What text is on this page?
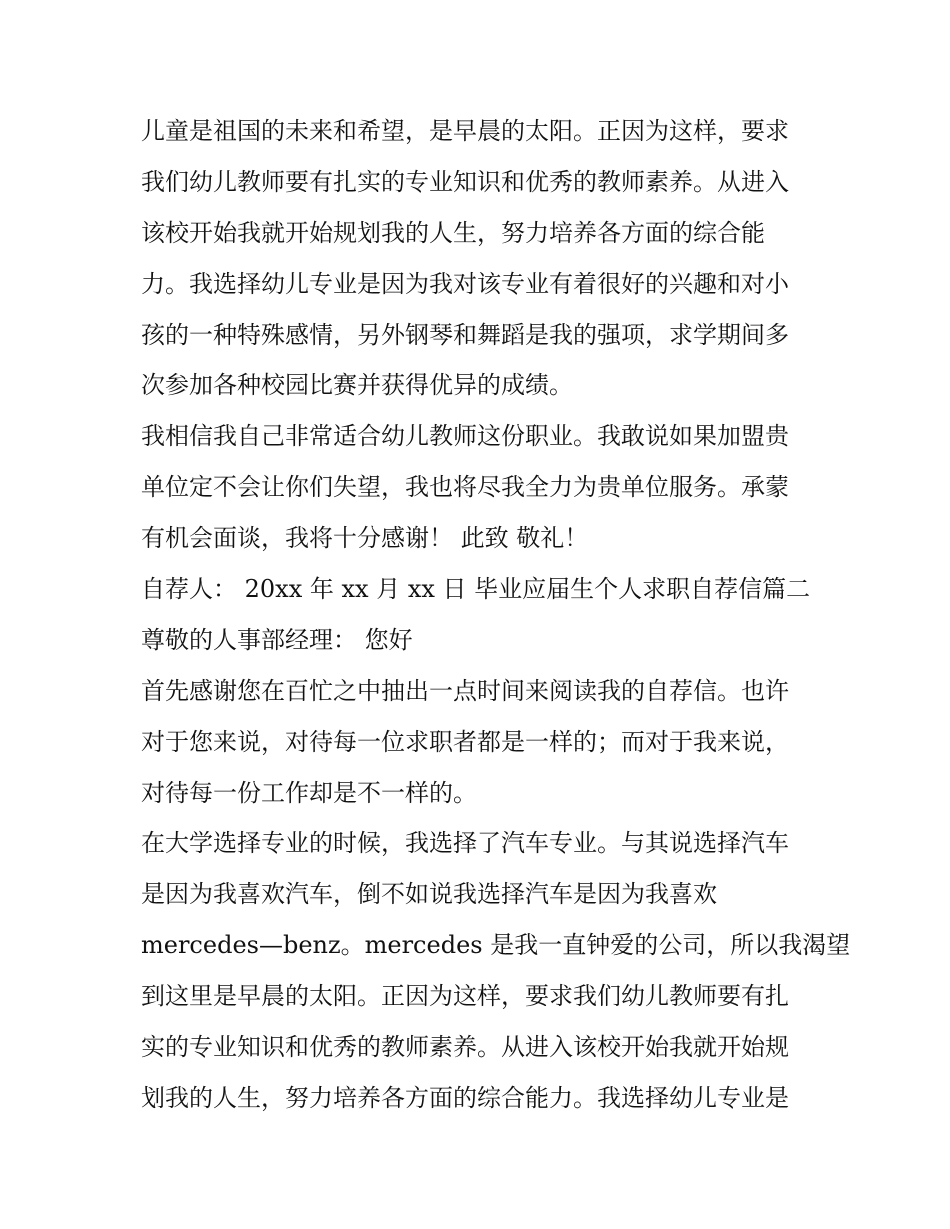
儿童是祖国的未来和希望，是早晨的太阳。正因为这样，要求
我们幼儿教师要有扎实的专业知识和优秀的教师素养。从进入
该校开始我就开始规划我的人生，努力培养各方面的综合能
力。我选择幼儿专业是因为我对该专业有着很好的兴趣和对小
孩的一种特殊感情，另外钢琴和舞蹈是我的强项，求学期间多
次参加各种校园比赛并获得优异的成绩。
我相信我自己非常适合幼儿教师这份职业。我敢说如果加盟贵
单位定不会让你们失望，我也将尽我全力为贵单位服务。承蒙
有机会面谈，我将十分感谢！ 此致 敬礼！
自荐人： 20xx 年 xx 月 xx 日 毕业应届生个人求职自荐信篇二
尊敬的人事部经理： 您好
首先感谢您在百忙之中抽出一点时间来阅读我的自荐信。也许
对于您来说，对待每一位求职者都是一样的；而对于我来说，
对待每一份工作却是不一样的。
在大学选择专业的时候，我选择了汽车专业。与其说选择汽车
是因为我喜欢汽车，倒不如说我选择汽车是因为我喜欢
mercedes—benz。mercedes 是我一直钟爱的公司，所以我渴望
到这里是早晨的太阳。正因为这样，要求我们幼儿教师要有扎
实的专业知识和优秀的教师素养。从进入该校开始我就开始规
划我的人生，努力培养各方面的综合能力。我选择幼儿专业是
